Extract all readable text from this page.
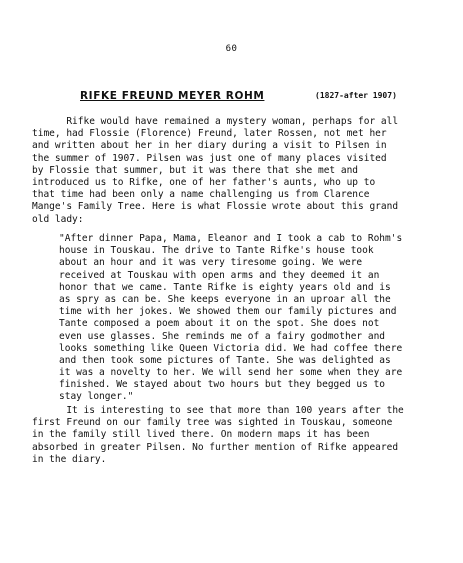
60
RIFKE FREUND MEYER ROHM	(1827-after 1907)
Rifke would have remained a mystery woman, perhaps for all
time, had Flossie (Florence) Freund, later Rossen, not met her
and written about her in her diary during a visit to Pilsen in
the summer of 1907. Pilsen was just one of many places visited
by Flossie that summer, but it was there that she met and
introduced us to Rifke, one of her father's aunts, who up to
that time had been only a name challenging us from Clarence
Mange's Family Tree. Here is what Flossie wrote about this grand
old lady:
"After dinner Papa, Mama, Eleanor and I took a cab to Rohm's
house in Touskau. The drive to Tante Rifke's house took
about an hour and it was very tiresome going. We were
received at Touskau with open arms and they deemed it an
honor that we came. Tante Rifke is eighty years old and is
as spry as can be. She keeps everyone in an uproar all the
time with her jokes. We showed them our family pictures and
Tante composed a poem about it on the spot. She does not
even use glasses. She reminds me of a fairy godmother and
looks something like Queen Victoria did. We had coffee there
and then took some pictures of Tante. She was delighted as
it was a novelty to her. We will send her some when they are
finished. We stayed about two hours but they begged us to
stay longer."
It is interesting to see that more than 100 years after the
first Freund on our family tree was sighted in Touskau, someone
in the family still lived there. On modern maps it has been
absorbed in greater Pilsen. No further mention of Rifke appeared
in the diary.
